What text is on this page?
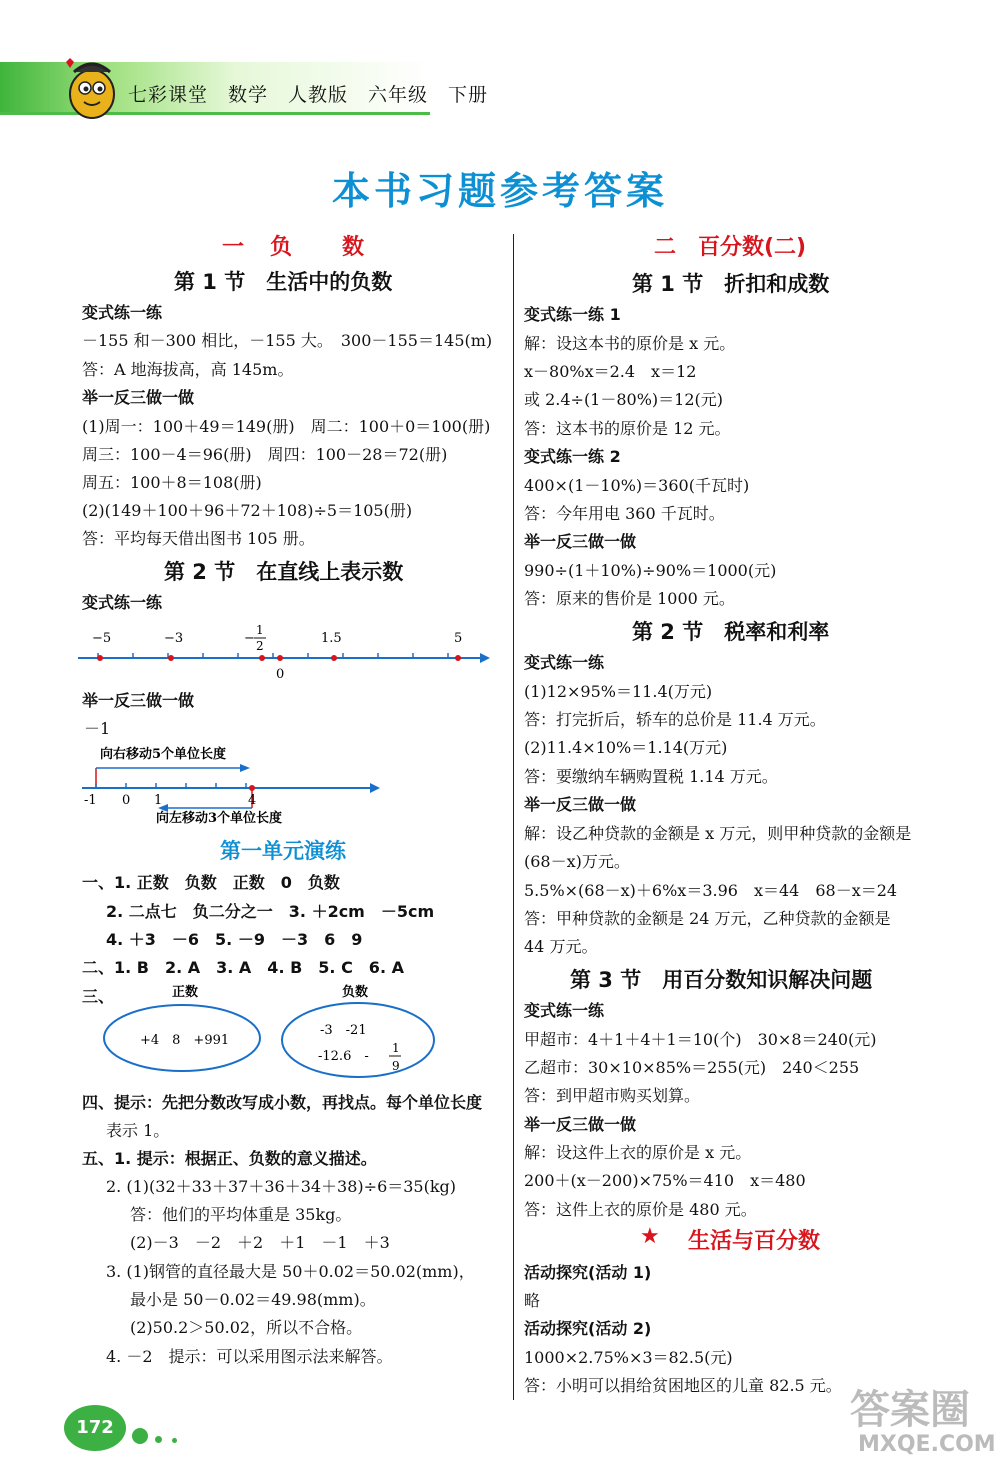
七彩课堂　数学　人教版　六年级　下册
本书习题参考答案
一　负　　数
第 1 节　生活中的负数
变式练一练
－155 和－300 相比，－155 大。　300－155＝145(m)
答：A 地海拔高，高 145m。
举一反三做一做
(1)周一：100＋49＝149(册)　周二：100＋0＝100(册)
周三：100－4＝96(册)　周四：100－28＝72(册)
周五：100＋8＝108(册)
(2)(149＋100＋96＋72＋108)÷5＝105(册)
答：平均每天借出图书 105 册。
第 2 节　在直线上表示数
变式练一练
−5	−3	−
1
2	1.5	5
0
举一反三做一做
－1
向右移动5个单位长度
-1 0 1	4
向左移动3个单位长度
第一单元演练
一、1. 正数　负数　正数　0　负数
2. 二点七　负二分之一　3. ＋2cm　－5cm
4. ＋3　－6　5. －9　－3　6　9
二、1. B　2. A　3. A　4. B　5. C　6. A
三、	正数	负数
+4　8　+991
-3　-21
-12.6　-
1
9
四、提示：先把分数改写成小数，再找点。每个单位长度
表示 1。
五、1. 提示：根据正、负数的意义描述。
2. (1)(32＋33＋37＋36＋34＋38)÷6＝35(kg)
答：他们的平均体重是 35kg。
(2)－3　－2　＋2　＋1　－1　＋3
3. (1)钢管的直径最大是 50＋0.02＝50.02(mm)，
最小是 50－0.02＝49.98(mm)。
(2)50.2＞50.02，所以不合格。
4. －2　提示：可以采用图示法来解答。
二　百分数(二)
第 1 节　折扣和成数
变式练一练 1
解：设这本书的原价是 x 元。
x－80%x＝2.4　x＝12
或 2.4÷(1－80%)＝12(元)
答：这本书的原价是 12 元。
变式练一练 2
400×(1－10%)＝360(千瓦时)
答：今年用电 360 千瓦时。
举一反三做一做
990÷(1＋10%)÷90%＝1000(元)
答：原来的售价是 1000 元。
第 2 节　税率和利率
变式练一练
(1)12×95%＝11.4(万元)
答：打完折后，轿车的总价是 11.4 万元。
(2)11.4×10%＝1.14(万元)
答：要缴纳车辆购置税 1.14 万元。
举一反三做一做
解：设乙种贷款的金额是 x 万元，则甲种贷款的金额是
(68－x)万元。
5.5%×(68－x)＋6%x＝3.96　x＝44　68－x＝24
答：甲种贷款的金额是 24 万元，乙种贷款的金额是
44 万元。
第 3 节　用百分数知识解决问题
变式练一练
甲超市：4＋1＋4＋1＝10(个)　30×8＝240(元)
乙超市：30×10×85%＝255(元)　240＜255
答：到甲超市购买划算。
举一反三做一做
解：设这件上衣的原价是 x 元。
200＋(x－200)×75%＝410　x＝480
答：这件上衣的原价是 480 元。
★ 生活与百分数
活动探究(活动 1)
略
活动探究(活动 2)
1000×2.75%×3＝82.5(元)
答：小明可以捐给贫困地区的儿童 82.5 元。
172	答案圈
MXQE.COM
